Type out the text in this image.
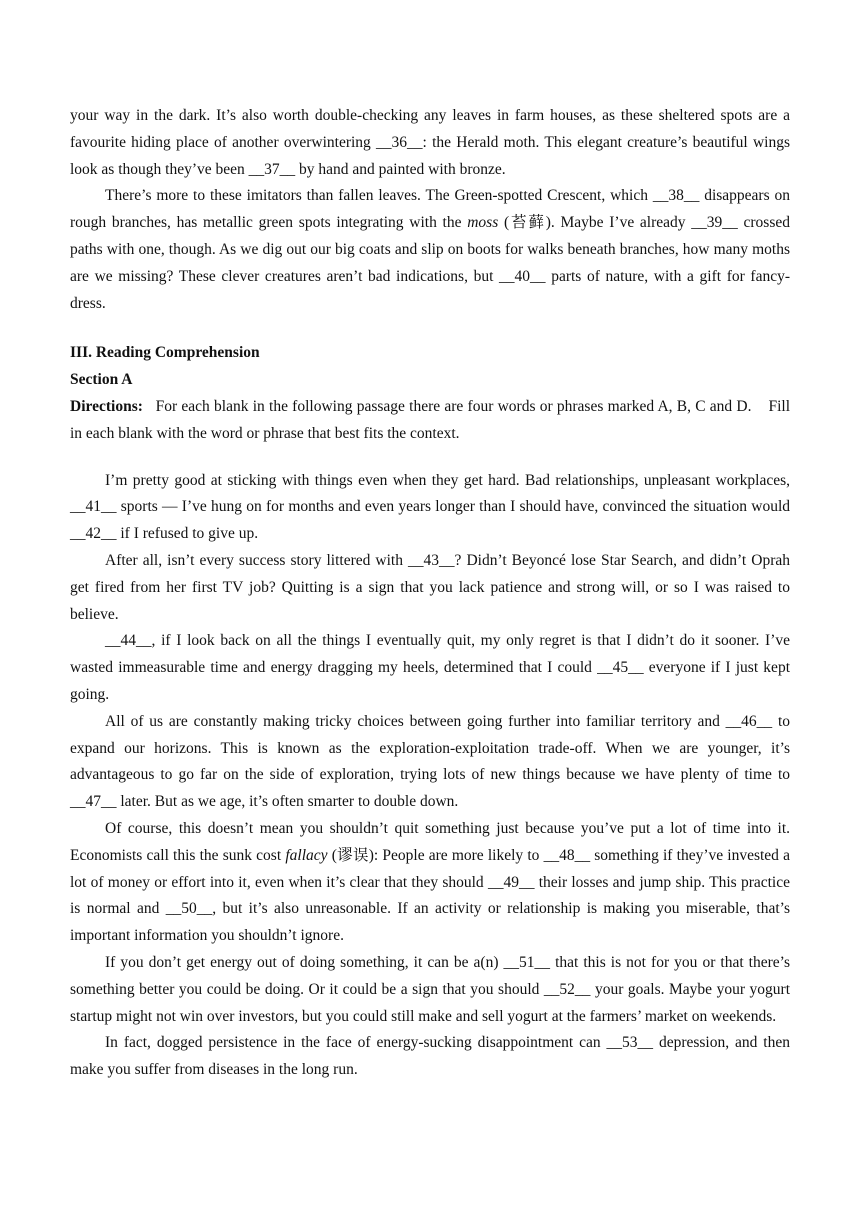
your way in the dark. It’s also worth double-checking any leaves in farm houses, as these sheltered spots are a favourite hiding place of another overwintering __36__: the Herald moth. This elegant creature’s beautiful wings look as though they’ve been __37__ by hand and painted with bronze.

There’s more to these imitators than fallen leaves. The Green-spotted Crescent, which __38__ disappears on rough branches, has metallic green spots integrating with the moss (苔藓). Maybe I’ve already __39__ crossed paths with one, though. As we dig out our big coats and slip on boots for walks beneath branches, how many moths are we missing? These clever creatures aren’t bad indications, but __40__ parts of nature, with a gift for fancy-dress.

III. Reading Comprehension
Section A

Directions:   For each blank in the following passage there are four words or phrases marked A, B, C and D.    Fill in each blank with the word or phrase that best fits the context.

I’m pretty good at sticking with things even when they get hard. Bad relationships, unpleasant workplaces, __41__ sports — I’ve hung on for months and even years longer than I should have, convinced the situation would __42__ if I refused to give up.

After all, isn’t every success story littered with __43__? Didn’t Beyoncé lose Star Search, and didn’t Oprah get fired from her first TV job? Quitting is a sign that you lack patience and strong will, or so I was raised to believe.

__44__, if I look back on all the things I eventually quit, my only regret is that I didn’t do it sooner. I’ve wasted immeasurable time and energy dragging my heels, determined that I could __45__ everyone if I just kept going.

All of us are constantly making tricky choices between going further into familiar territory and __46__ to expand our horizons. This is known as the exploration-exploitation trade-off. When we are younger, it’s advantageous to go far on the side of exploration, trying lots of new things because we have plenty of time to __47__ later. But as we age, it’s often smarter to double down.

Of course, this doesn’t mean you shouldn’t quit something just because you’ve put a lot of time into it. Economists call this the sunk cost fallacy (谬误): People are more likely to __48__ something if they’ve invested a lot of money or effort into it, even when it’s clear that they should __49__ their losses and jump ship. This practice is normal and __50__, but it’s also unreasonable. If an activity or relationship is making you miserable, that’s important information you shouldn’t ignore.

If you don’t get energy out of doing something, it can be a(n) __51__ that this is not for you or that there’s something better you could be doing. Or it could be a sign that you should __52__ your goals. Maybe your yogurt startup might not win over investors, but you could still make and sell yogurt at the farmers’ market on weekends.

In fact, dogged persistence in the face of energy-sucking disappointment can __53__ depression, and then make you suffer from diseases in the long run.
